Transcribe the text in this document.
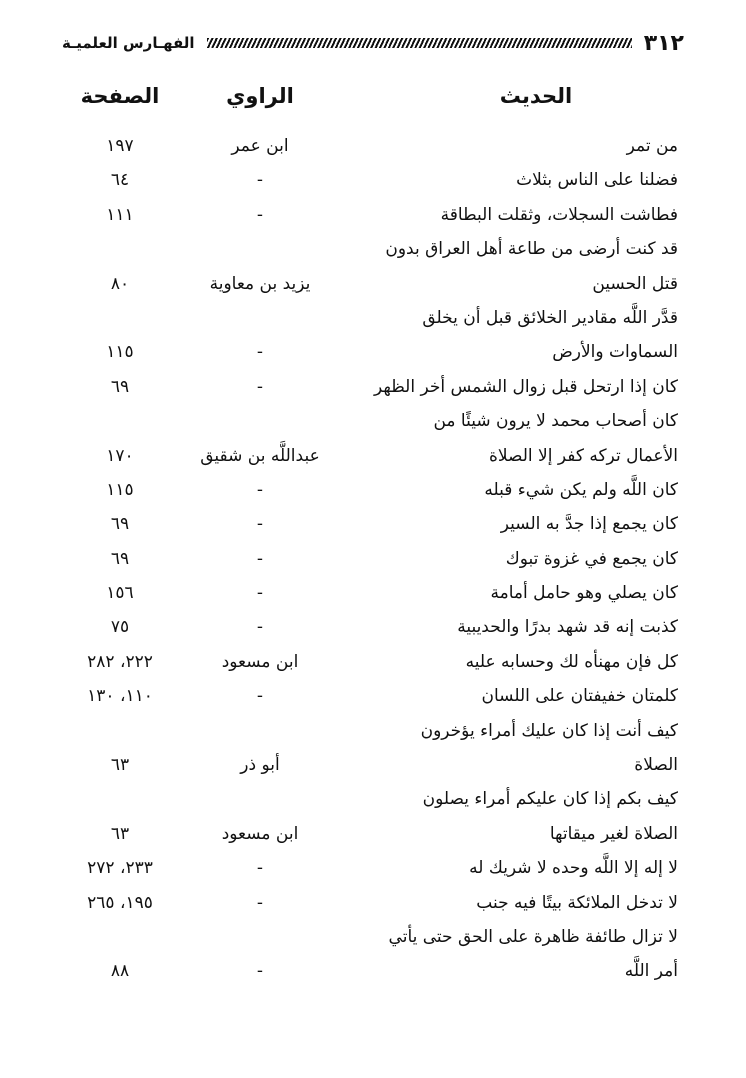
٣١٢
الفهـارس العلميـة
الحديث
الراوي
الصفحة
من تمر
ابن عمر
١٩٧
فضلنا على الناس بثلاث
-
٦٤
فطاشت السجلات، وثقلت البطاقة
-
١١١
قد كنت أرضى من طاعة أهل العراق بدون
قتل الحسين
يزيد بن معاوية
٨٠
قدَّر اللَّه مقادير الخلائق قبل أن يخلق
السماوات والأرض
-
١١٥
كان إذا ارتحل قبل زوال الشمس أخر الظهر
-
٦٩
كان أصحاب محمد لا يرون شيئًا من
الأعمال تركه كفر إلا الصلاة
عبداللَّه بن شقيق
١٧٠
كان اللَّه ولم يكن شيء قبله
-
١١٥
كان يجمع إذا جدَّ به السير
-
٦٩
كان يجمع في غزوة تبوك
-
٦٩
كان يصلي وهو حامل أمامة
-
١٥٦
كذبت إنه قد شهد بدرًا والحديبية
-
٧٥
كل فإن مهنأه لك وحسابه عليه
ابن مسعود
٢٢٢، ٢٨٢
كلمتان خفيفتان على اللسان
-
١١٠، ١٣٠
كيف أنت إذا كان عليك أمراء يؤخرون
الصلاة
أبو ذر
٦٣
كيف بكم إذا كان عليكم أمراء يصلون
الصلاة لغير ميقاتها
ابن مسعود
٦٣
لا إله إلا اللَّه وحده لا شريك له
-
٢٣٣، ٢٧٢
لا تدخل الملائكة بيتًا فيه جنب
-
١٩٥، ٢٦٥
لا تزال طائفة ظاهرة على الحق حتى يأتي
أمر اللَّه
-
٨٨
